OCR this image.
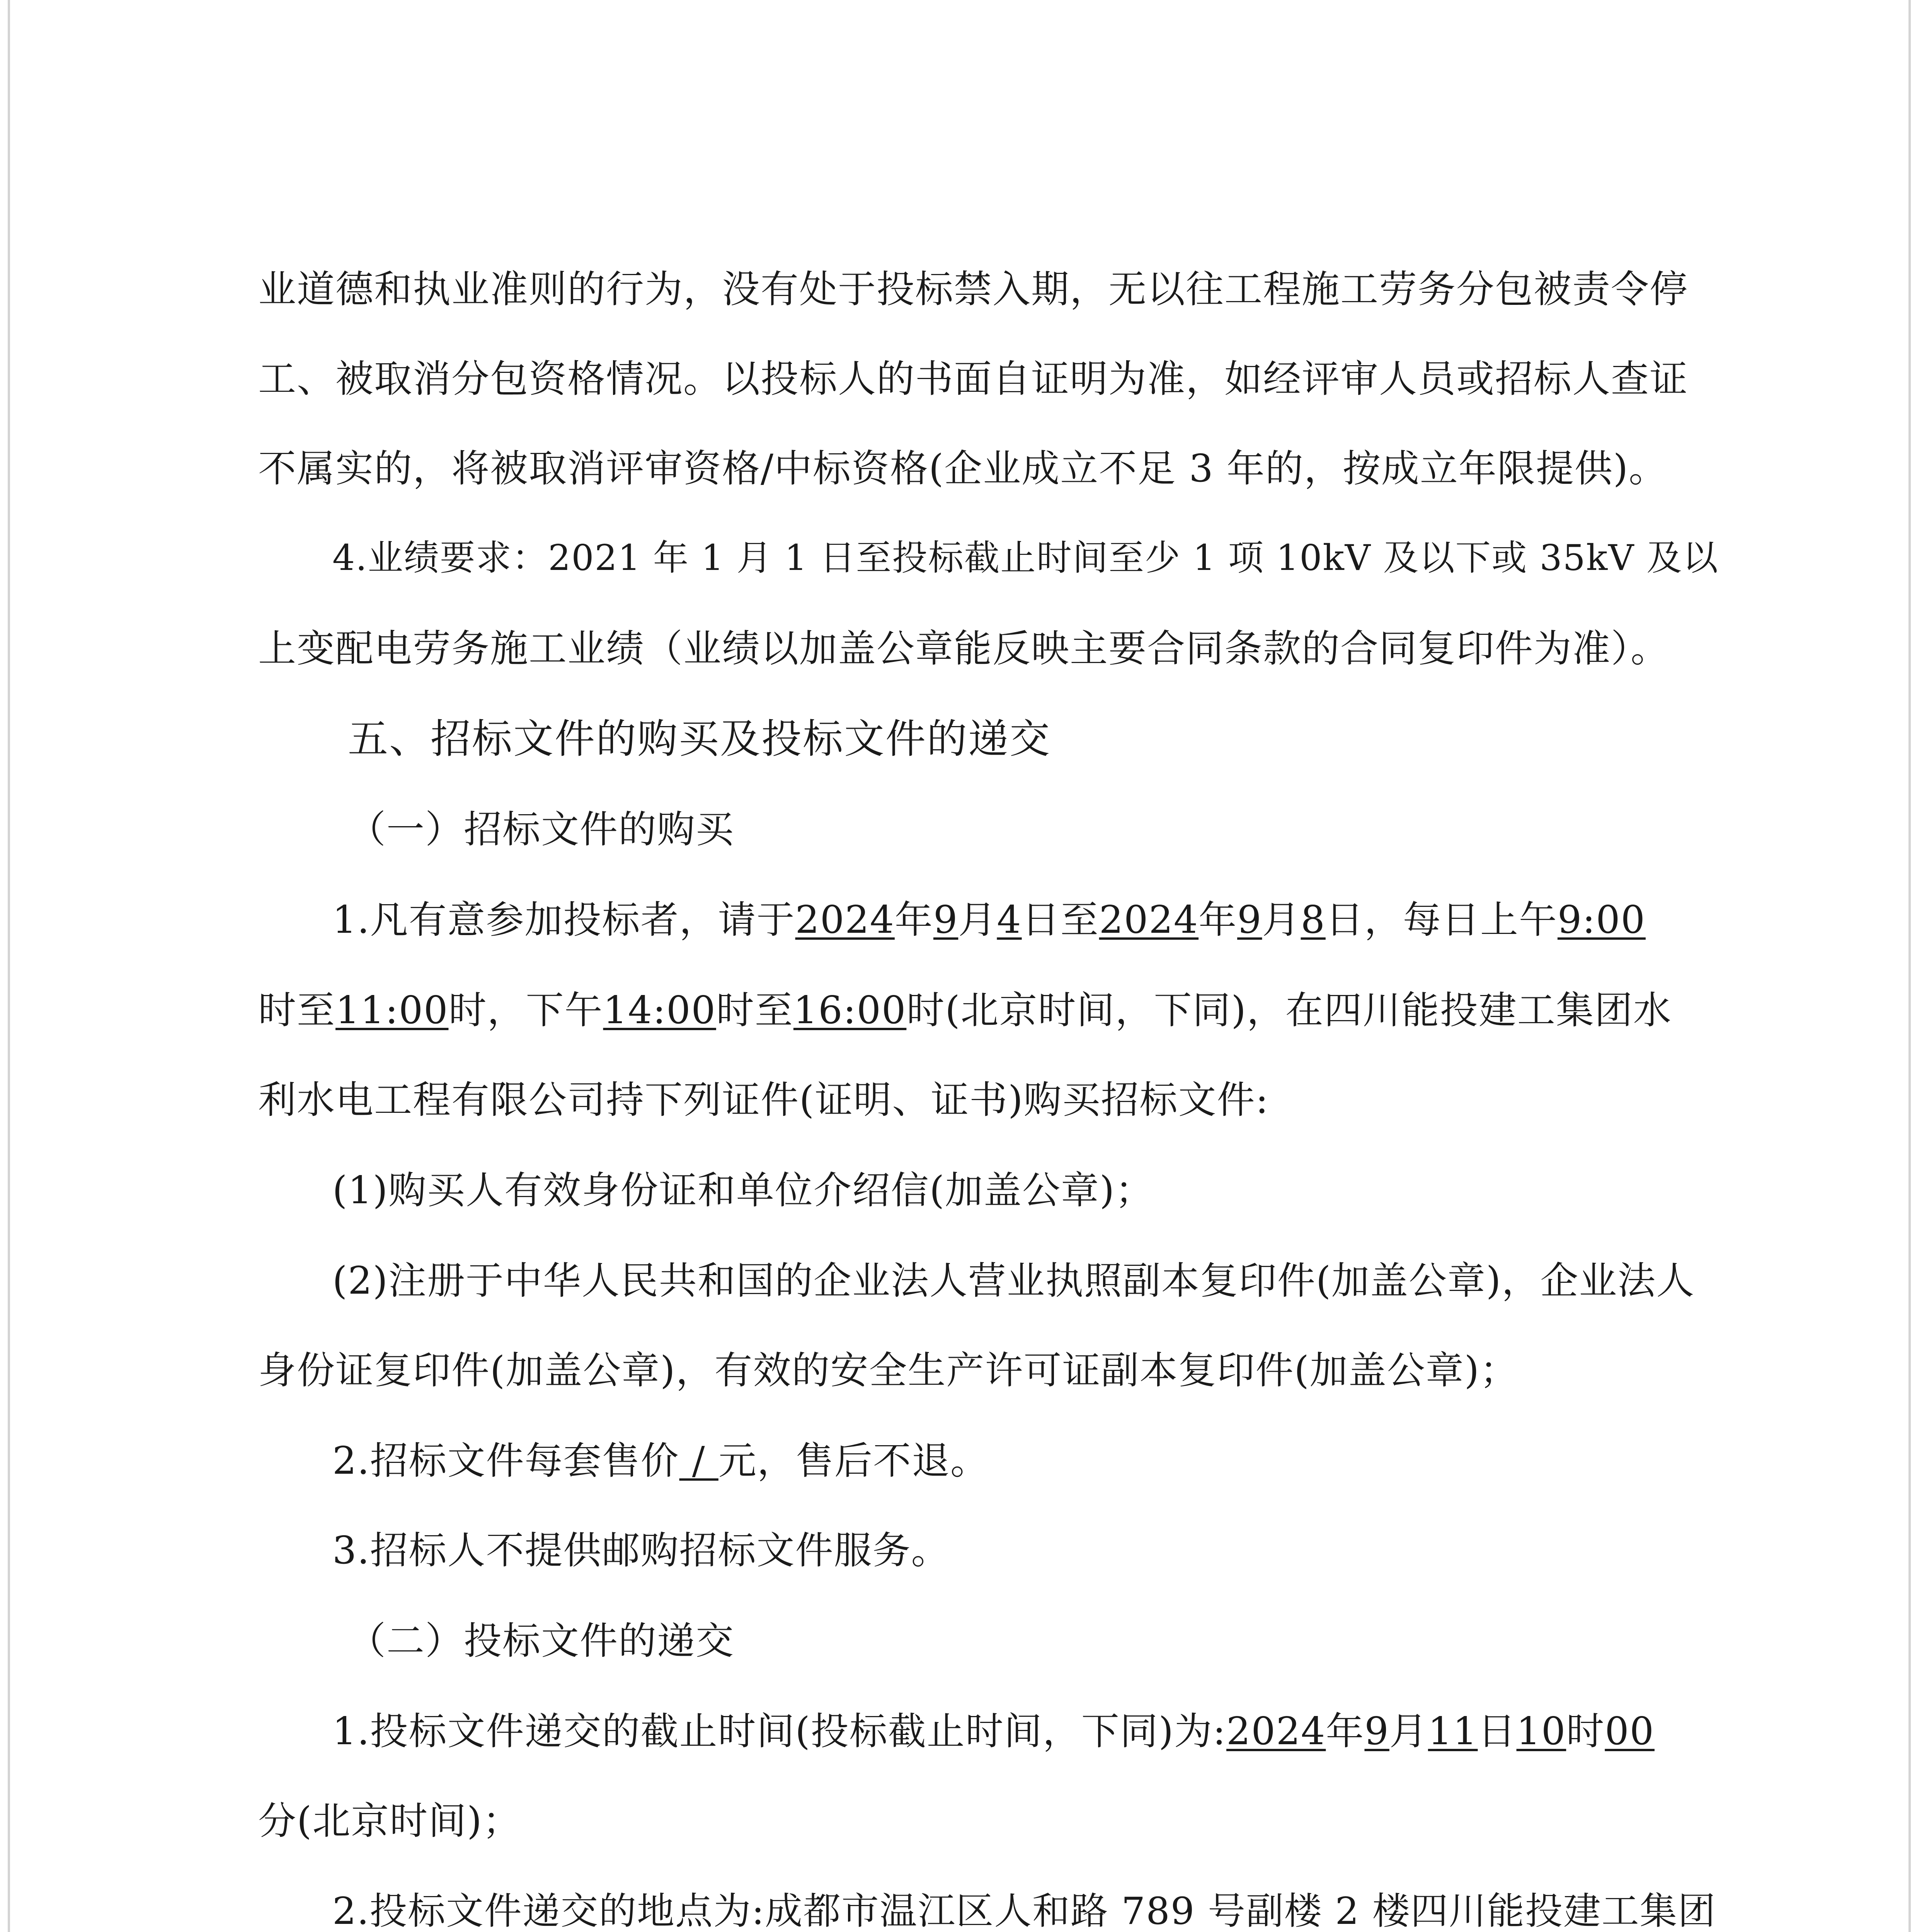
业道德和执业准则的行为，没有处于投标禁入期，无以往工程施工劳务分包被责令停
工、被取消分包资格情况。以投标人的书面自证明为准，如经评审人员或招标人查证
不属实的，将被取消评审资格/中标资格(企业成立不足 3 年的，按成立年限提供)。
4.业绩要求：2021 年 1 月 1 日至投标截止时间至少 1 项 10kV 及以下或 35kV 及以
上变配电劳务施工业绩（业绩以加盖公章能反映主要合同条款的合同复印件为准）。
五、招标文件的购买及投标文件的递交
（一）招标文件的购买
1.凡有意参加投标者，请于2024年9月4日至2024年9月8日，每日上午9:00
时至11:00时，下午14:00时至16:00时(北京时间，下同)，在四川能投建工集团水
利水电工程有限公司持下列证件(证明、证书)购买招标文件:
(1)购买人有效身份证和单位介绍信(加盖公章)；
(2)注册于中华人民共和国的企业法人营业执照副本复印件(加盖公章)，企业法人
身份证复印件(加盖公章)，有效的安全生产许可证副本复印件(加盖公章)；
2.招标文件每套售价 / 元，售后不退。
3.招标人不提供邮购招标文件服务。
（二）投标文件的递交
1.投标文件递交的截止时间(投标截止时间，下同)为:2024年9月11日10时00
分(北京时间)；
2.投标文件递交的地点为:成都市温江区人和路 789 号副楼 2 楼四川能投建工集团
